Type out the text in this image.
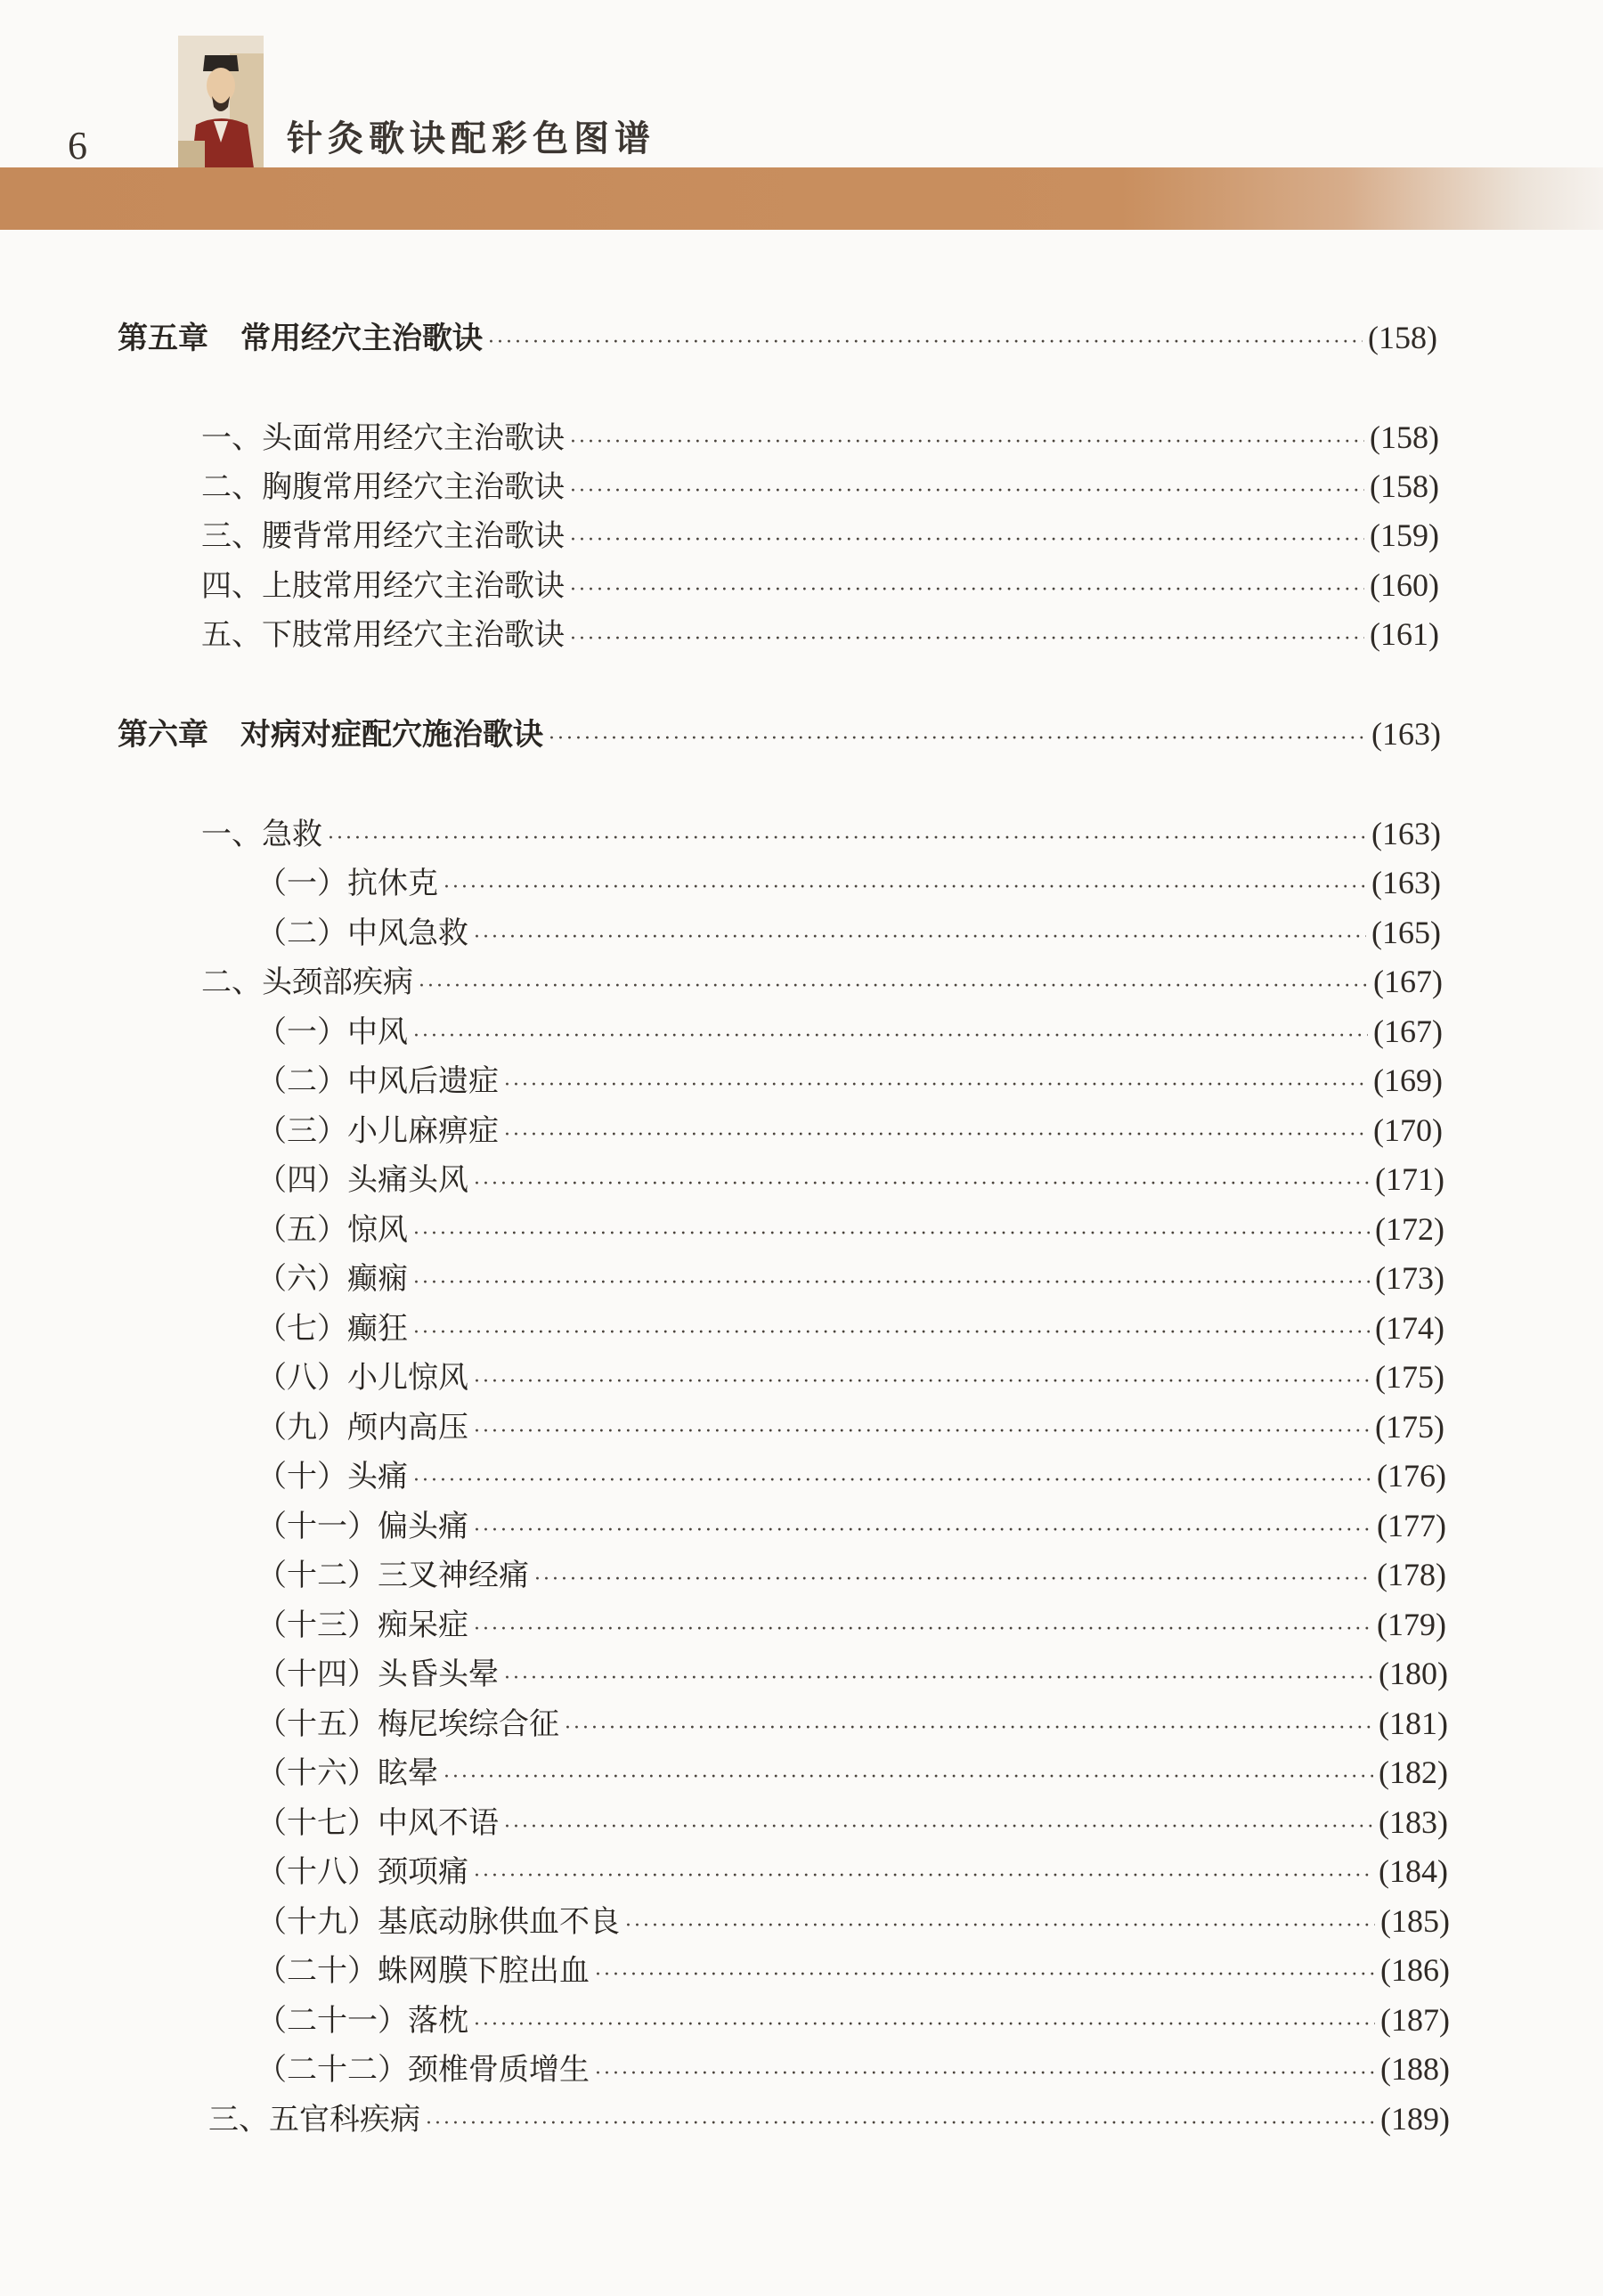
6	针灸歌诀配彩色图谱
第五章 常用经穴主治歌诀 ·····	(158)
一、头面常用经穴主治歌诀 ·····	(158)
二、胸腹常用经穴主治歌诀 ·····	(158)
三、腰背常用经穴主治歌诀 ·····	(159)
四、上肢常用经穴主治歌诀 ·····	(160)
五、下肢常用经穴主治歌诀 ·····	(161)
第六章 对病对症配穴施治歌诀 ·····	(163)
一、急救 ·····	(163)
（一）抗休克 ·····	(163)
（二）中风急救 ·····	(165)
二、头颈部疾病 ·····	(167)
（一）中风 ·····	(167)
（二）中风后遗症 ·····	(169)
（三）小儿麻痹症 ·····	(170)
（四）头痛头风 ·····	(171)
（五）惊风 ·····	(172)
（六）癫痫 ·····	(173)
（七）癫狂 ·····	(174)
（八）小儿惊风 ·····	(175)
（九）颅内高压 ·····	(175)
（十）头痛 ·····	(176)
（十一）偏头痛 ·····	(177)
（十二）三叉神经痛 ·····	(178)
（十三）痴呆症 ·····	(179)
（十四）头昏头晕 ·····	(180)
（十五）梅尼埃综合征 ·····	(181)
（十六）眩晕 ·····	(182)
（十七）中风不语 ·····	(183)
（十八）颈项痛 ·····	(184)
（十九）基底动脉供血不良 ·····	(185)
（二十）蛛网膜下腔出血 ·····	(186)
（二十一）落枕 ·····	(187)
（二十二）颈椎骨质增生 ·····	(188)
三、五官科疾病 ·····	(189)
